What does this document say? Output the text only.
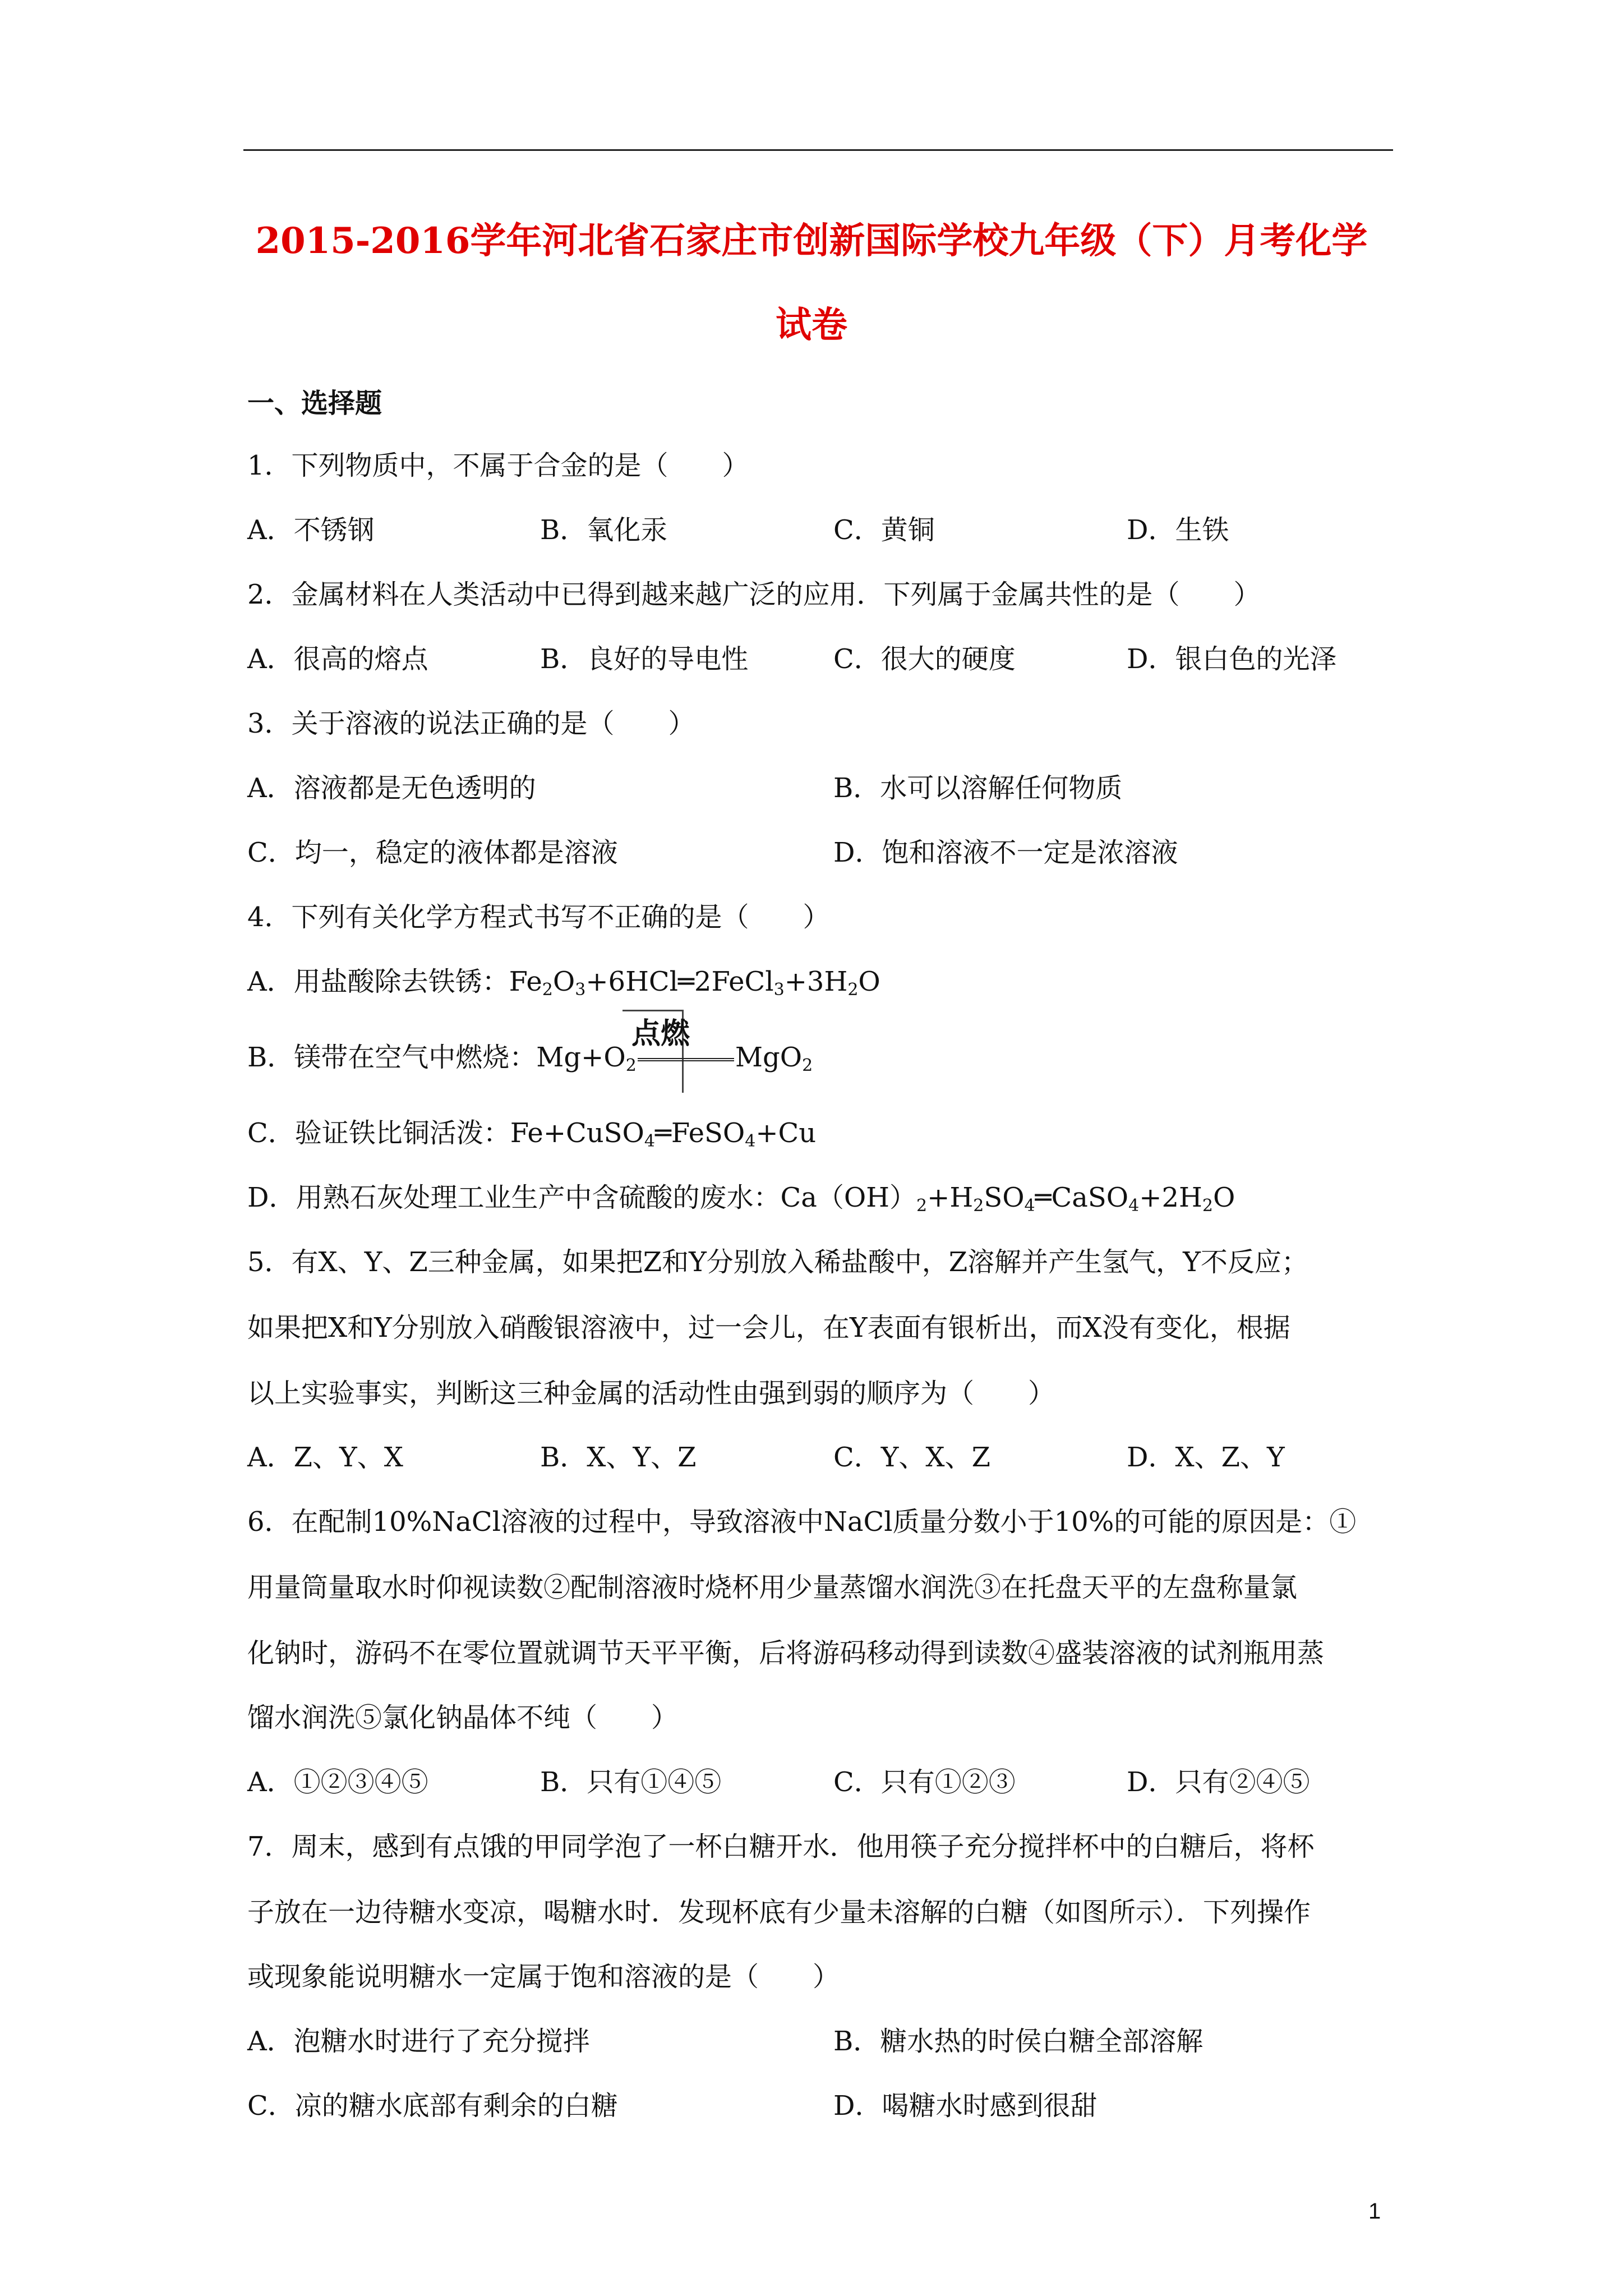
2015-2016学年河北省石家庄市创新国际学校九年级（下）月考化学
试卷
一、选择题
1．下列物质中，不属于合金的是（　　）
A．不锈钢	B．氧化汞	C．黄铜	D．生铁
2．金属材料在人类活动中已得到越来越广泛的应用．下列属于金属共性的是（　　）
A．很高的熔点	B．良好的导电性	C．很大的硬度	D．银白色的光泽
3．关于溶液的说法正确的是（　　）
A．溶液都是无色透明的	B．水可以溶解任何物质
C．均一，稳定的液体都是溶液	D．饱和溶液不一定是浓溶液
4．下列有关化学方程式书写不正确的是（　　）
A．用盐酸除去铁锈：$Fe_2O_3+6HCl═2FeCl_3+3H_2O$
点燃
B．镁带在空气中燃烧：$Mg+O_2$	MgO$_2$
C．验证铁比铜活泼：Fe+CuSO$_4$═FeSO$_4$+Cu
D．用熟石灰处理工业生产中含硫酸的废水：$Ca(OH)_2+H_2SO_4═CaSO_4+2H_2O$
5．有X、Y、Z三种金属，如果把Z和Y分别放入稀盐酸中，Z溶解并产生氢气，Y不反应；
如果把X和Y分别放入硝酸银溶液中，过一会儿，在Y表面有银析出，而X没有变化，根据
以上实验事实，判断这三种金属的活动性由强到弱的顺序为（　　）
A．Z、Y、X	B．X、Y、Z	C．Y、X、Z	D．X、Z、Y
6．在配制10%NaCl溶液的过程中，导致溶液中NaCl质量分数小于10%的可能的原因是：①
用量筒量取水时仰视读数②配制溶液时烧杯用少量蒸馏水润洗③在托盘天平的左盘称量氯
化钠时，游码不在零位置就调节天平平衡，后将游码移动得到读数④盛装溶液的试剂瓶用蒸
馏水润洗⑤氯化钠晶体不纯（　　）
A．①②③④⑤	B．只有①④⑤	C．只有①②③	D．只有②④⑤
7．周末，感到有点饿的甲同学泡了一杯白糖开水．他用筷子充分搅拌杯中的白糖后，将杯
子放在一边待糖水变凉，喝糖水时．发现杯底有少量未溶解的白糖（如图所示）．下列操作
或现象能说明糖水一定属于饱和溶液的是（　　）
A．泡糖水时进行了充分搅拌	B．糖水热的时侯白糖全部溶解
C．凉的糖水底部有剩余的白糖	D．喝糖水时感到很甜
1
